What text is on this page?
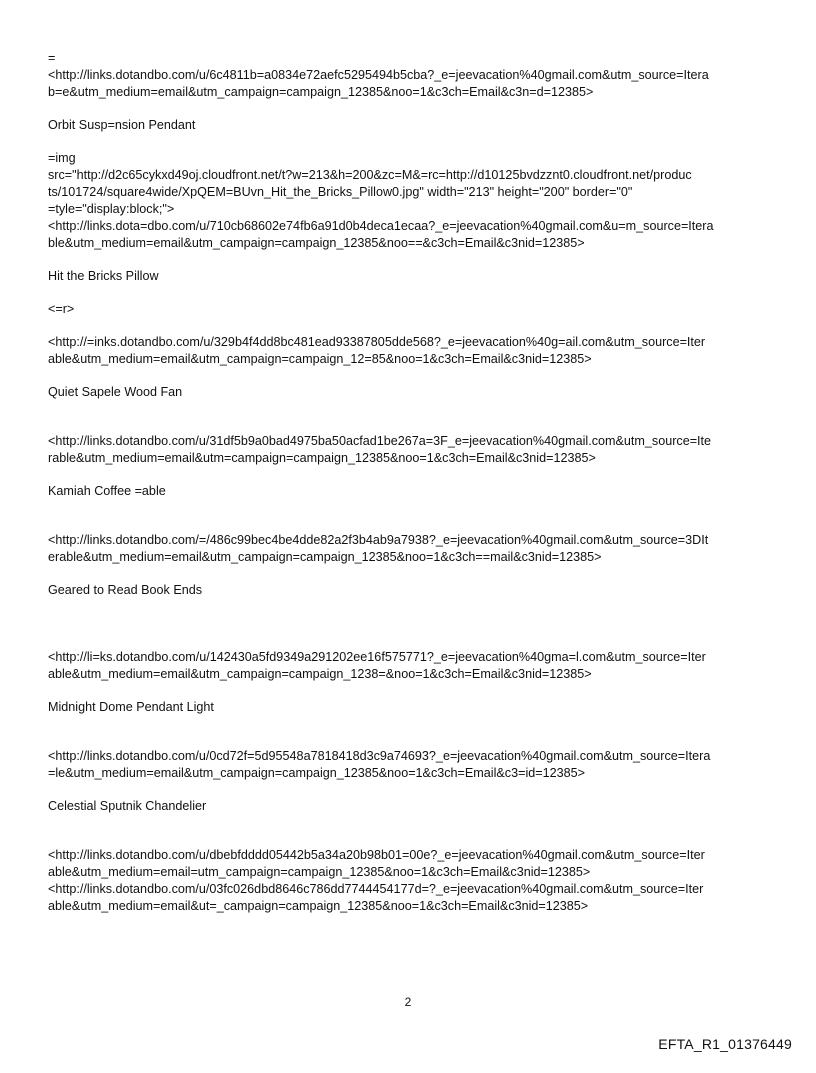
=

<http://links.dotandbo.com/u/6c4811b=a0834e72aefc5295494b5cba?_e=jeevacation%40gmail.com&utm_source=Itera

b=e&utm_medium=email&utm_campaign=campaign_12385&noo=1&c3ch=Email&c3n=d=12385>

Orbit Susp=nsion Pendant

=img

src="http://d2c65cykxd49oj.cloudfront.net/t?w=213&h=200&zc=M&=rc=http://d10125bvdzznt0.cloudfront.net/produc

ts/101724/square4wide/XpQEM=BUvn_Hit_the_Bricks_Pillow0.jpg" width="213" height="200" border="0"

=tyle="display:block;">

<http://links.dota=dbo.com/u/710cb68602e74fb6a91d0b4deca1ecaa?_e=jeevacation%40gmail.com&u=m_source=Itera

ble&utm_medium=email&utm_campaign=campaign_12385&noo==&c3ch=Email&c3nid=12385>

Hit the Bricks Pillow

<=r>

<http://=inks.dotandbo.com/u/329b4f4dd8bc481ead93387805dde568?_e=jeevacation%40g=ail.com&utm_source=Iter

able&utm_medium=email&utm_campaign=campaign_12=85&noo=1&c3ch=Email&c3nid=12385>

Quiet Sapele Wood Fan

<http://links.dotandbo.com/u/31df5b9a0bad4975ba50acfad1be267a=3F_e=jeevacation%40gmail.com&utm_source=Ite

rable&utm_medium=email&utm=campaign=campaign_12385&noo=1&c3ch=Email&c3nid=12385>

Kamiah Coffee =able

<http://links.dotandbo.com/=/486c99bec4be4dde82a2f3b4ab9a7938?_e=jeevacation%40gmail.com&utm_source=3DIt

erable&utm_medium=email&utm_campaign=campaign_12385&noo=1&c3ch==mail&c3nid=12385>

Geared to Read Book Ends

<http://li=ks.dotandbo.com/u/142430a5fd9349a291202ee16f575771?_e=jeevacation%40gma=l.com&utm_source=Iter

able&utm_medium=email&utm_campaign=campaign_1238=&noo=1&c3ch=Email&c3nid=12385>

Midnight Dome Pendant Light

<http://links.dotandbo.com/u/0cd72f=5d95548a7818418d3c9a74693?_e=jeevacation%40gmail.com&utm_source=Itera

=le&utm_medium=email&utm_campaign=campaign_12385&noo=1&c3ch=Email&c3=id=12385>

Celestial Sputnik Chandelier

<http://links.dotandbo.com/u/dbebfdddd05442b5a34a20b98b01=00e?_e=jeevacation%40gmail.com&utm_source=Iter

able&utm_medium=email=utm_campaign=campaign_12385&noo=1&c3ch=Email&c3nid=12385>

<http://links.dotandbo.com/u/03fc026dbd8646c786dd7744454177d=?_e=jeevacation%40gmail.com&utm_source=Iter

able&utm_medium=email&ut=_campaign=campaign_12385&noo=1&c3ch=Email&c3nid=12385>

2
EFTA_R1_01376449
